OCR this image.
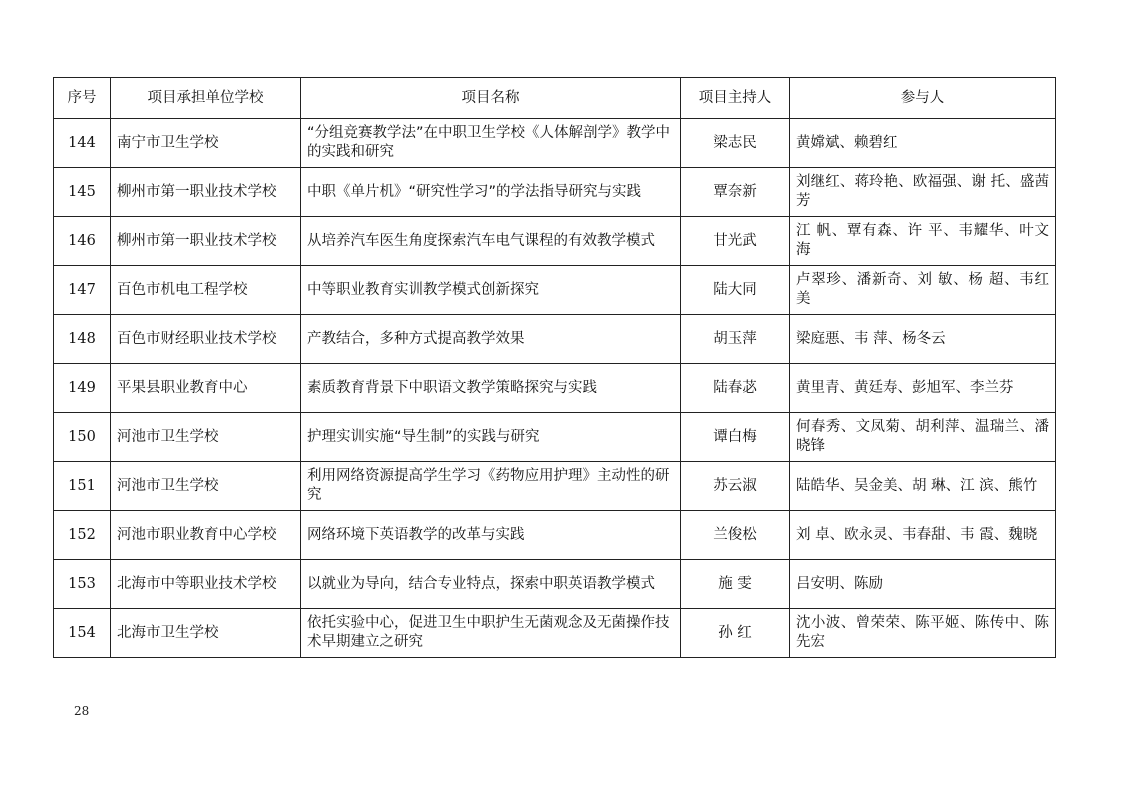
序号	项目承担单位学校	项目名称	项目主持人	参与人
144	南宁市卫生学校	“分组竞赛教学法”在中职卫生学校《人体解剖学》教学中的实践和研究	梁志民	黄嫦斌、赖碧红
145	柳州市第一职业技术学校	中职《单片机》“研究性学习”的学法指导研究与实践	覃奈新	刘继红、蒋玲艳、欧福强、谢 托、盛茜芳
146	柳州市第一职业技术学校	从培养汽车医生角度探索汽车电气课程的有效教学模式	甘光武	江 帆、覃有森、许 平、韦耀华、叶文海
147	百色市机电工程学校	中等职业教育实训教学模式创新探究	陆大同	卢翠珍、潘新奇、刘 敏、杨 超、韦红美
148	百色市财经职业技术学校	产教结合，多种方式提高教学效果	胡玉萍	梁庭悪、韦 萍、杨冬云
149	平果县职业教育中心	素质教育背景下中职语文教学策略探究与实践	陆春苾	黄里青、黄廷寿、彭旭军、李兰芬
150	河池市卫生学校	护理实训实施“导生制”的实践与研究	谭白梅	何春秀、文凤菊、胡利萍、温瑞兰、潘晓锋
151	河池市卫生学校	利用网络资源提高学生学习《药物应用护理》主动性的研究	苏云淑	陆皓华、吴金美、胡 琳、江 滨、熊竹
152	河池市职业教育中心学校	网络环境下英语教学的改革与实践	兰俊松	刘 卓、欧永灵、韦春甜、韦 霞、魏晓
153	北海市中等职业技术学校	以就业为导向，结合专业特点，探索中职英语教学模式	施 雯	吕安明、陈励
154	北海市卫生学校	依托实验中心，促进卫生中职护生无菌观念及无菌操作技术早期建立之研究	孙 红	沈小波、曾荣荣、陈平姬、陈传中、陈先宏
28
